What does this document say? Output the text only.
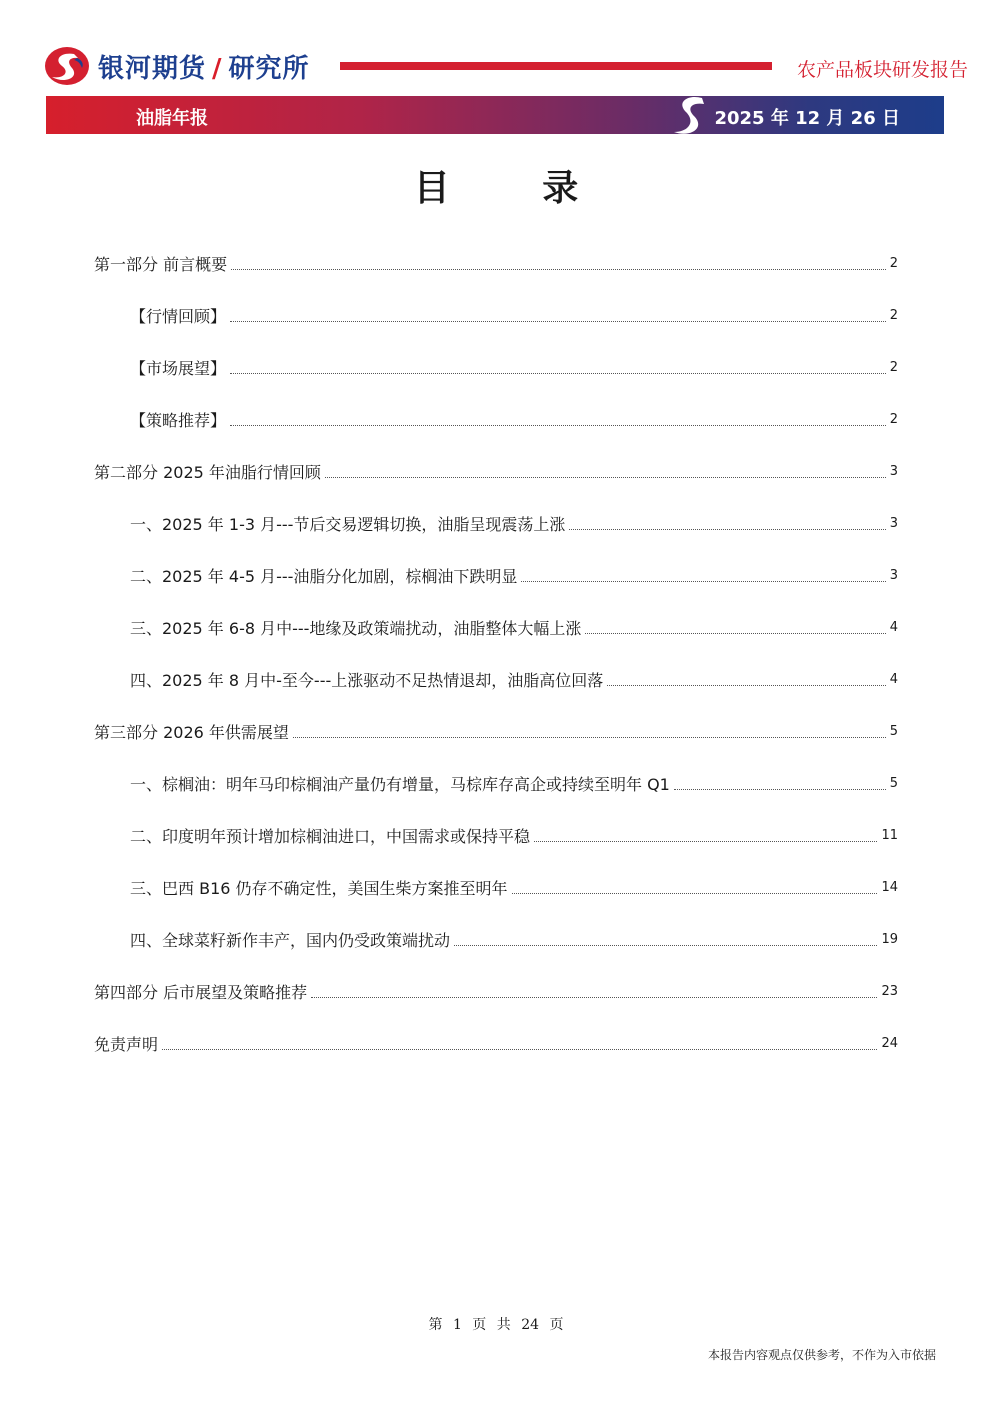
银河期货 / 研究所	农产品板块研发报告
油脂年报	2025 年 12 月 26 日
目 录
第一部分 前言概要	2
【行情回顾】	2
【市场展望】	2
【策略推荐】	2
第二部分 2025 年油脂行情回顾	3
一、2025 年 1-3 月---节后交易逻辑切换，油脂呈现震荡上涨	3
二、2025 年 4-5 月---油脂分化加剧，棕榈油下跌明显	3
三、2025 年 6-8 月中---地缘及政策端扰动，油脂整体大幅上涨	4
四、2025 年 8 月中-至今---上涨驱动不足热情退却，油脂高位回落	4
第三部分 2026 年供需展望	5
一、棕榈油：明年马印棕榈油产量仍有增量，马棕库存高企或持续至明年 Q1	5
二、印度明年预计增加棕榈油进口，中国需求或保持平稳	11
三、巴西 B16 仍存不确定性，美国生柴方案推至明年	14
四、全球菜籽新作丰产，国内仍受政策端扰动	19
第四部分 后市展望及策略推荐	23
免责声明	24
第 1 页 共 24 页
本报告内容观点仅供参考，不作为入市依据
